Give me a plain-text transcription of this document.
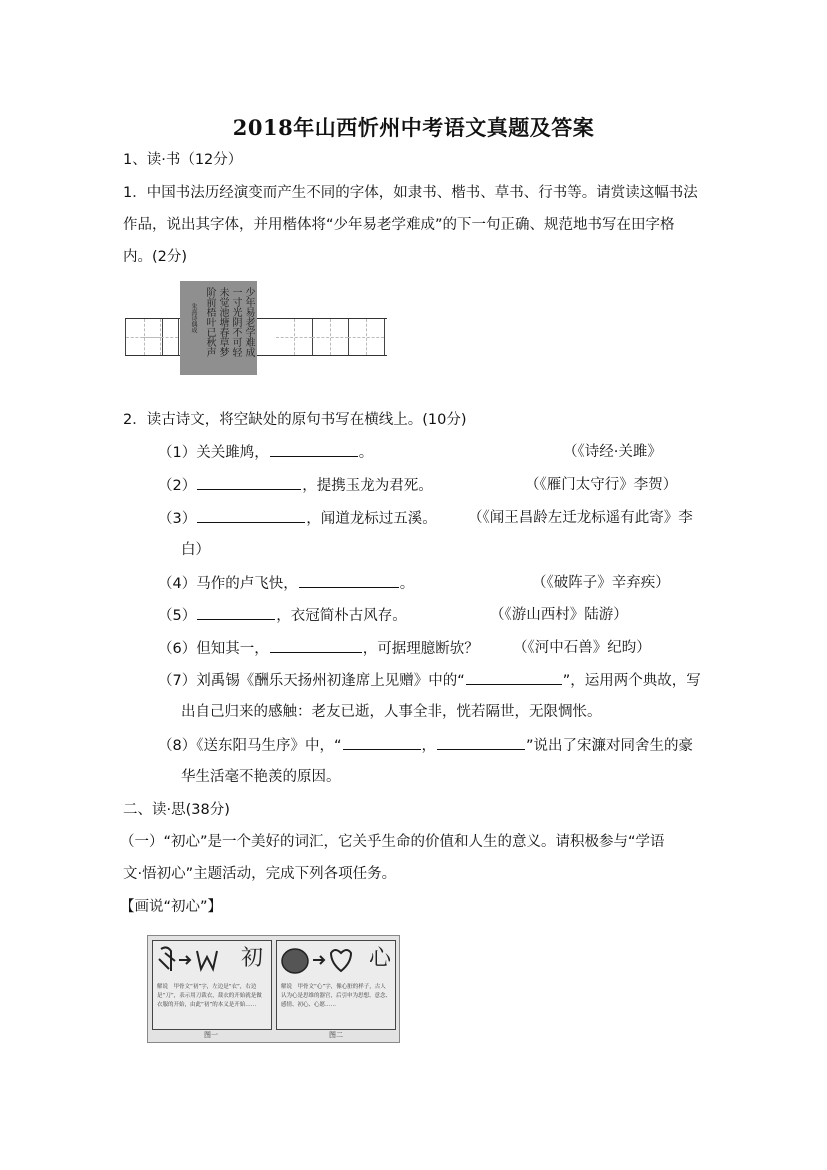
2018年山西忻州中考语文真题及答案
1、读·书（12分）
1．中国书法历经演变而产生不同的字体，如隶书、楷书、草书、行书等。请赏读这幅书法
作品，说出其字体，并用楷体将“少年易老学难成”的下一句正确、规范地书写在田字格
内。(2分)
少年易老学难成
一寸光阴不可轻
未觉池塘春草梦
阶前梧叶已秋声
朱熹诗偶成
2．读古诗文，将空缺处的原句书写在横线上。(10分)
（1）关关雎鸠，	。	（《诗经·关雎》
（2）	，提携玉龙为君死。	（《雁门太守行》李贺）
（3）	，闻道龙标过五溪。 （《闻王昌龄左迁龙标遥有此寄》李
白）
（4）马作的卢飞快，	。	（《破阵子》辛弃疾）
（5）	，衣冠简朴古风存。	（《游山西村》陆游）
（6）但知其一，	，可据理臆断欤？ （《河中石兽》纪昀）
（7）刘禹锡《酬乐天扬州初逢席上见赠》中的“	”，运用两个典故，写
出自己归来的感触：老友已逝，人事全非，恍若隔世，无限惆怅。
（8）《送东阳马生序》中，“	，	”说出了宋濂对同舍生的豪
华生活毫不艳羡的原因。
二、读·思(38分)
（一）“初心”是一个美好的词汇，它关乎生命的价值和人生的意义。请积极参与“学语
文·悟初心”主题活动，完成下列各项任务。
【画说“初心”】
初
解说　甲骨文“初”字，左边是“衣”，右边是“刀”，表示用刀裁衣，裁衣的开始就是做衣服的开始，由此“初”的本义是开始……
心
解说　甲骨文“心”字，像心脏的样子，古人认为心是思维的器官，后引申为思想、意念、感情、初心、心愿……
图一	图二
